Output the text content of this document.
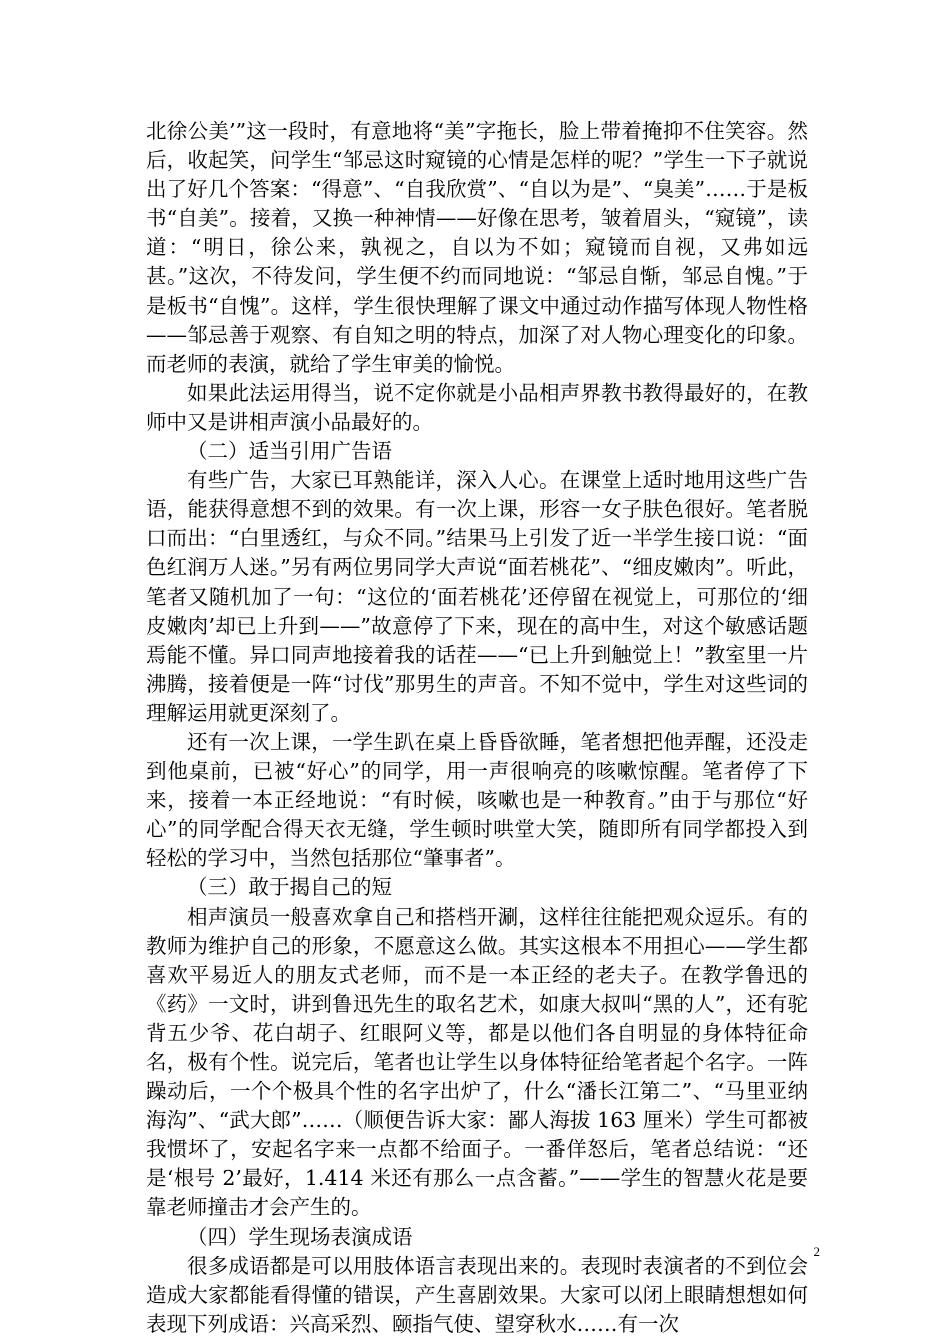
北徐公美’”这一段时，有意地将“美”字拖长，脸上带着掩抑不住笑容。然后，收起笑，问学生“邹忌这时窥镜的心情是怎样的呢？”学生一下子就说出了好几个答案：“得意”、“自我欣赏”、“自以为是”、“臭美”……于是板书“自美”。接着，又换一种神情——好像在思考，皱着眉头，“窥镜”，读道：“明日，徐公来，孰视之，自以为不如；窥镜而自视，又弗如远甚。”这次，不待发问，学生便不约而同地说：“邹忌自惭，邹忌自愧。”于是板书“自愧”。这样，学生很快理解了课文中通过动作描写体现人物性格——邹忌善于观察、有自知之明的特点，加深了对人物心理变化的印象。而老师的表演，就给了学生审美的愉悦。

如果此法运用得当，说不定你就是小品相声界教书教得最好的，在教师中又是讲相声演小品最好的。

（二）适当引用广告语

有些广告，大家已耳熟能详，深入人心。在课堂上适时地用这些广告语，能获得意想不到的效果。有一次上课，形容一女子肤色很好。笔者脱口而出：“白里透红，与众不同。”结果马上引发了近一半学生接口说：“面色红润万人迷。”另有两位男同学大声说“面若桃花”、“细皮嫩肉”。听此，笔者又随机加了一句：“这位的‘面若桃花’还停留在视觉上，可那位的‘细皮嫩肉’却已上升到——”故意停了下来，现在的高中生，对这个敏感话题焉能不懂。异口同声地接着我的话茬——“已上升到触觉上！”教室里一片沸腾，接着便是一阵“讨伐”那男生的声音。不知不觉中，学生对这些词的理解运用就更深刻了。

还有一次上课，一学生趴在桌上昏昏欲睡，笔者想把他弄醒，还没走到他桌前，已被“好心”的同学，用一声很响亮的咳嗽惊醒。笔者停了下来，接着一本正经地说：“有时候，咳嗽也是一种教育。”由于与那位“好心”的同学配合得天衣无缝，学生顿时哄堂大笑，随即所有同学都投入到轻松的学习中，当然包括那位“肇事者”。

（三）敢于揭自己的短

相声演员一般喜欢拿自己和搭档开涮，这样往往能把观众逗乐。有的教师为维护自己的形象，不愿意这么做。其实这根本不用担心——学生都喜欢平易近人的朋友式老师，而不是一本正经的老夫子。在教学鲁迅的《药》一文时，讲到鲁迅先生的取名艺术，如康大叔叫“黑的人”，还有驼背五少爷、花白胡子、红眼阿义等，都是以他们各自明显的身体特征命名，极有个性。说完后，笔者也让学生以身体特征给笔者起个名字。一阵躁动后，一个个极具个性的名字出炉了，什么“潘长江第二”、“马里亚纳海沟”、“武大郎”……（顺便告诉大家：鄙人海拔 163 厘米）学生可都被我惯坏了，安起名字来一点都不给面子。一番佯怒后，笔者总结说：“还是‘根号 2’最好，1.414 米还有那么一点含蓄。”——学生的智慧火花是要靠老师撞击才会产生的。

（四）学生现场表演成语

很多成语都是可以用肢体语言表现出来的。表现时表演者的不到位会造成大家都能看得懂的错误，产生喜剧效果。大家可以闭上眼睛想想如何表现下列成语：兴高采烈、颐指气使、望穿秋水……有一次

2
